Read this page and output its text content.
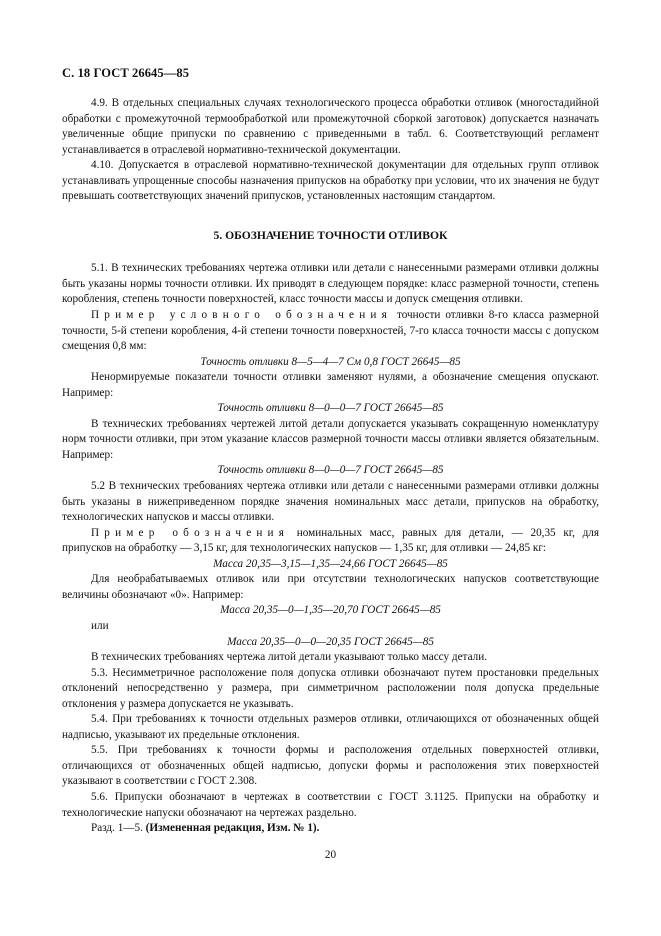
С. 18 ГОСТ 26645—85

4.9. В отдельных специальных случаях технологического процесса обработки отливок (многостадийной обработки с промежуточной термообработкой или промежуточной сборкой заготовок) допускается назначать увеличенные общие припуски по сравнению с приведенными в табл. 6. Соответствующий регламент устанавливается в отраслевой нормативно-технической документации.

4.10. Допускается в отраслевой нормативно-технической документации для отдельных групп отливок устанавливать упрощенные способы назначения припусков на обработку при условии, что их значения не будут превышать соответствующих значений припусков, установленных настоящим стандартом.

5. ОБОЗНАЧЕНИЕ ТОЧНОСТИ ОТЛИВОК

5.1. В технических требованиях чертежа отливки или детали с нанесенными размерами отливки должны быть указаны нормы точности отливки. Их приводят в следующем порядке: класс размерной точности, степень коробления, степень точности поверхностей, класс точности массы и допуск смещения отливки.

Пример условного обозначения точности отливки 8-го класса размерной точности, 5-й степени коробления, 4-й степени точности поверхностей, 7-го класса точности массы с допуском смещения 0,8 мм:

Точность отливки 8—5—4—7 См 0,8 ГОСТ 26645—85

Ненормируемые показатели точности отливки заменяют нулями, а обозначение смещения опускают. Например:

Точность отливки 8—0—0—7 ГОСТ 26645—85

В технических требованиях чертежей литой детали допускается указывать сокращенную номенклатуру норм точности отливки, при этом указание классов размерной точности массы отливки является обязательным. Например:

Точность отливки 8—0—0—7 ГОСТ 26645—85

5.2 В технических требованиях чертежа отливки или детали с нанесенными размерами отливки должны быть указаны в нижеприведенном порядке значения номинальных масс детали, припусков на обработку, технологических напусков и массы отливки.

Пример обозначения номинальных масс, равных для детали, — 20,35 кг, для припусков на обработку — 3,15 кг, для технологических напусков — 1,35 кг, для отливки — 24,85 кг:

Масса 20,35—3,15—1,35—24,66 ГОСТ 26645—85

Для необрабатываемых отливок или при отсутствии технологических напусков соответствующие величины обозначают «0». Например:

Масса 20,35—0—1,35—20,70 ГОСТ 26645—85

или

Масса 20,35—0—0—20,35 ГОСТ 26645—85

В технических требованиях чертежа литой детали указывают только массу детали.

5.3. Несимметричное расположение поля допуска отливки обозначают путем простановки предельных отклонений непосредственно у размера, при симметричном расположении поля допуска предельные отклонения у размера допускается не указывать.

5.4. При требованиях к точности отдельных размеров отливки, отличающихся от обозначенных общей надписью, указывают их предельные отклонения.

5.5. При требованиях к точности формы и расположения отдельных поверхностей отливки, отличающихся от обозначенных общей надписью, допуски формы и расположения этих поверхностей указывают в соответствии с ГОСТ 2.308.

5.6. Припуски обозначают в чертежах в соответствии с ГОСТ 3.1125. Припуски на обработку и технологические напуски обозначают на чертежах раздельно.

Разд. 1—5. (Измененная редакция, Изм. № 1).

20
